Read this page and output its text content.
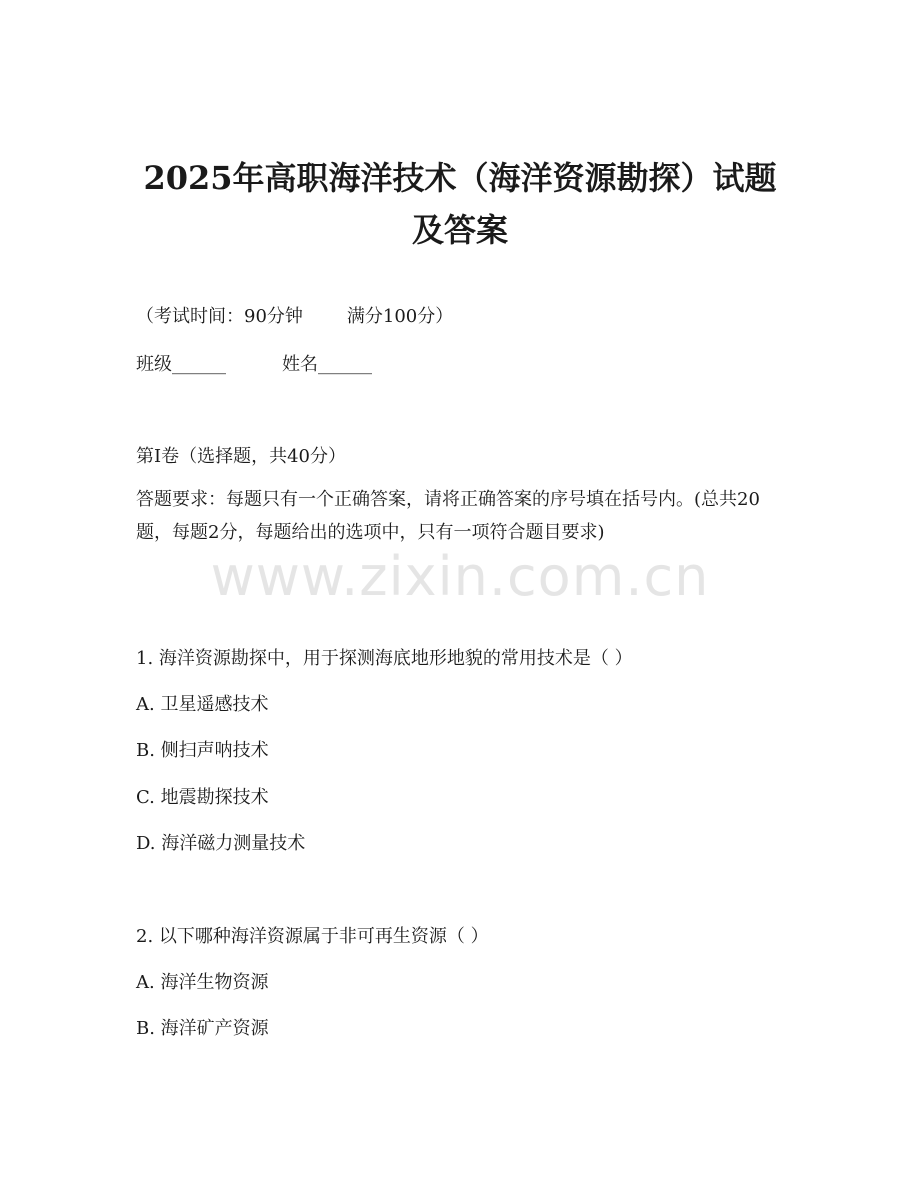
2025年高职海洋技术（海洋资源勘探）试题
及答案
（考试时间：90分钟 满分100分）
班级______	姓名______
第I卷（选择题，共40分）
答题要求：每题只有一个正确答案，请将正确答案的序号填在括号内。(总共20题，每题2分，每题给出的选项中，只有一项符合题目要求)
www.zixin.com.cn
1. 海洋资源勘探中，用于探测海底地形地貌的常用技术是（ ）
A. 卫星遥感技术
B. 侧扫声呐技术
C. 地震勘探技术
D. 海洋磁力测量技术
2. 以下哪种海洋资源属于非可再生资源（ ）
A. 海洋生物资源
B. 海洋矿产资源
